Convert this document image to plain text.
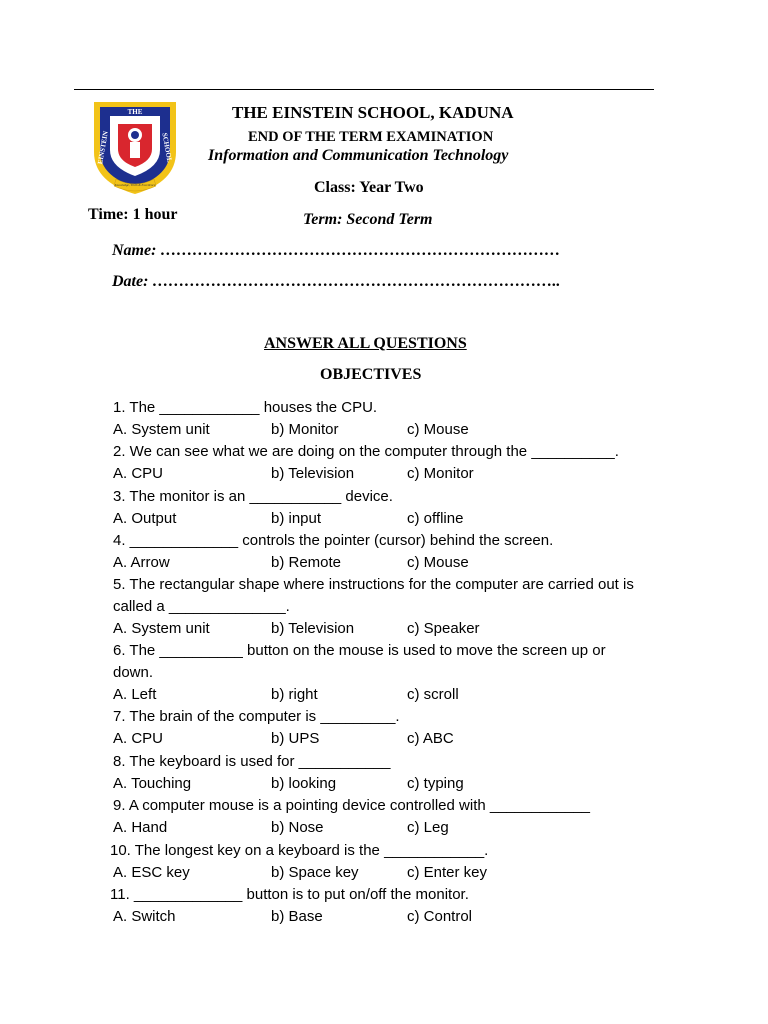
THE
EINSTEIN	SCHOOL
Knowledge, Truth & Excellence
THE EINSTEIN SCHOOL, KADUNA
END OF THE TERM EXAMINATION
Information and Communication Technology
Class: Year Two
Time: 1 hour	Term: Second Term
Name: …………………………………………………………………
Date: …………………………………………………………………..
ANSWER ALL QUESTIONS
OBJECTIVES
1. The ____________ houses the CPU.
A. System unit	b) Monitor	c) Mouse
2. We can see what we are doing on the computer through the __________.
A. CPU	b) Television	c) Monitor
3. The monitor is an ___________ device.
A. Output	b) input	c) offline
4. _____________ controls the pointer (cursor) behind the screen.
A. Arrow	b) Remote	c) Mouse
5. The rectangular shape where instructions for the computer are carried out is
called a ______________.
A. System unit	b) Television	c) Speaker
6. The __________ button on the mouse is used to move the screen up or
down.
A. Left	b) right	c) scroll
7. The brain of the computer is _________.
A. CPU	b) UPS	c) ABC
8. The keyboard is used for ___________
A. Touching	b) looking	c) typing
9. A computer mouse is a pointing device controlled with ____________
A. Hand	b) Nose	c) Leg
10. The longest key on a keyboard is the ____________.
A. ESC key	b) Space key	c) Enter key
11. _____________ button is to put on/off the monitor.
A. Switch	b) Base	c) Control
